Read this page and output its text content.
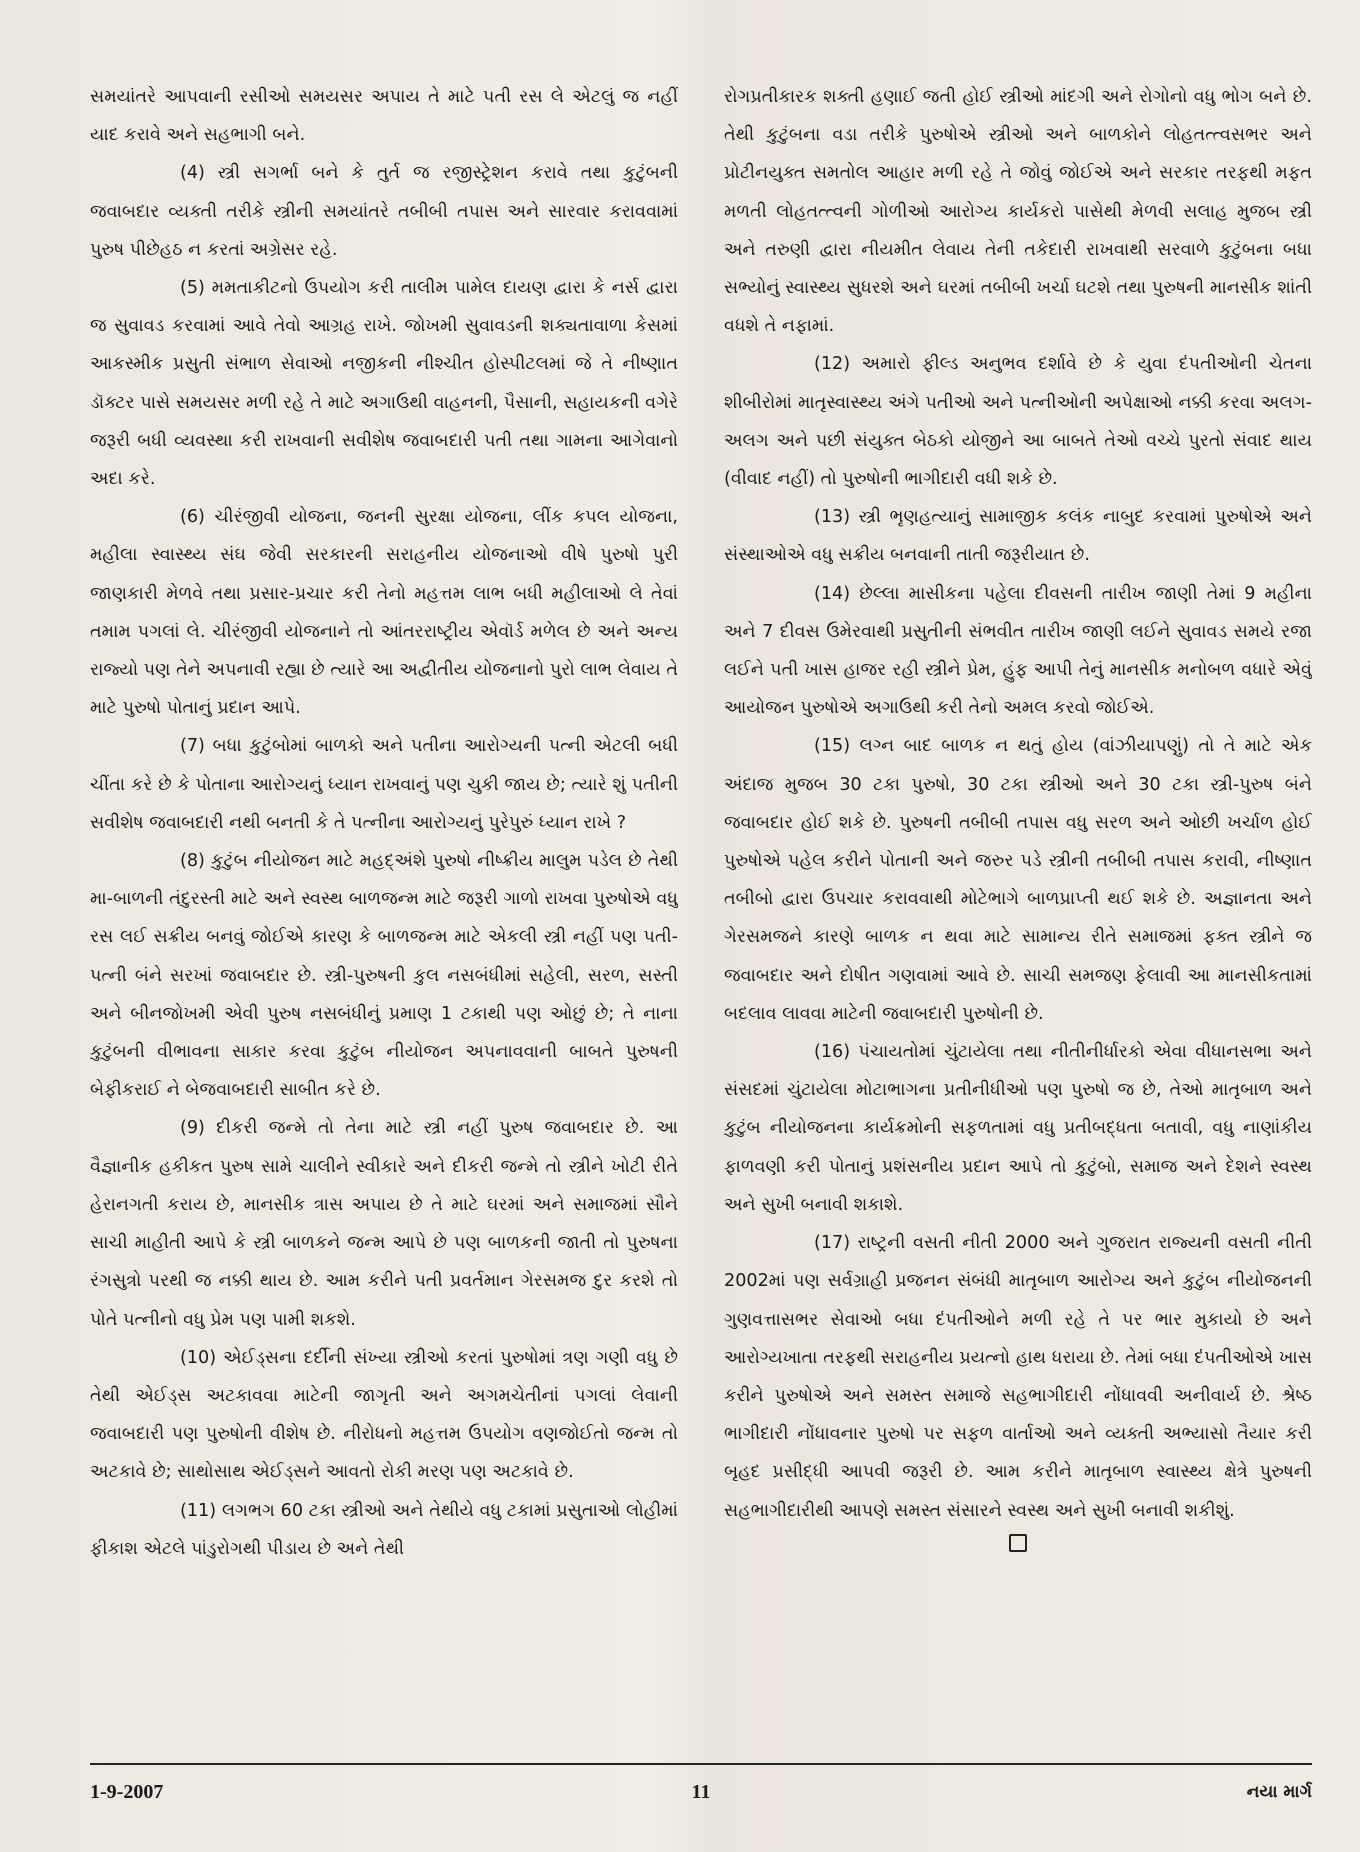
સમયાંતરે આપવાની રસીઓ સમયસર અપાય તે માટે પતી રસ લે એટલું જ નહીં યાદ કરાવે અને સહભાગી બને.

(4) સ્ત્રી સગર્ભા બને કે તુર્ત જ રજીસ્ટ્રેશન કરાવે તથા કુટુંબની જવાબદાર વ્યક્તી તરીકે સ્ત્રીની સમયાંતરે તબીબી તપાસ અને સારવાર કરાવવામાં પુરુષ પીછેહઠ ન કરતાં અગ્રેસર રહે.

(5) મમતાકીટનો ઉપયોગ કરી તાલીમ પામેલ દાયણ દ્વારા કે નર્સ દ્વારા જ સુવાવડ કરવામાં આવે તેવો આગ્રહ રાખે. જોખમી સુવાવડની શક્યતાવાળા કેસમાં આકસ્મીક પ્રસુતી સંભાળ સેવાઓ નજીકની નીશ્ચીત હોસ્પીટલમાં જે તે નીષ્ણાત ડૉક્ટર પાસે સમયસર મળી રહે તે માટે અગાઉથી વાહનની, પૈસાની, સહાયકની વગેરે જરૂરી બધી વ્યવસ્થા કરી રાખવાની સવીશેષ જવાબદારી પતી તથા ગામના આગેવાનો અદા કરે.

(6) ચીરંજીવી યોજના, જનની સુરક્ષા યોજના, લીંક કપલ યોજના, મહીલા સ્વાસ્થ્ય સંઘ જેવી સરકારની સરાહનીય યોજનાઓ વીષે પુરુષો પુરી જાણકારી મેળવે તથા પ્રસાર-પ્રચાર કરી તેનો મહત્તમ લાભ બધી મહીલાઓ લે તેવાં તમામ પગલાં લે. ચીરંજીવી યોજનાને તો આંતરરાષ્ટ્રીય એવૉર્ડ મળેલ છે અને અન્ય રાજ્યો પણ તેને અપનાવી રહ્યા છે ત્યારે આ અદ્વીતીય યોજનાનો પુરો લાભ લેવાય તે માટે પુરુષો પોતાનું પ્રદાન આપે.

(7) બધા કુટુંબોમાં બાળકો અને પતીના આરોગ્યની પત્ની એટલી બધી ચીંતા કરે છે કે પોતાના આરોગ્યનું ધ્યાન રાખવાનું પણ ચુકી જાય છે; ત્યારે શું પતીની સવીશેષ જવાબદારી નથી બનતી કે તે પત્નીના આરોગ્યનું પુરેપુરું ધ્યાન રાખે ?

(8) કુટુંબ નીયોજન માટે મહદ્અંશે પુરુષો નીષ્ક્રીય માલુમ પડેલ છે તેથી મા-બાળની તંદુરસ્તી માટે અને સ્વસ્થ બાળજન્મ માટે જરૂરી ગાળો રાખવા પુરુષોએ વધુ રસ લઈ સક્રીય બનવું જોઈએ કારણ કે બાળજન્મ માટે એકલી સ્ત્રી નહીં પણ પતી-પત્ની બંને સરખાં જવાબદાર છે. સ્ત્રી-પુરુષની કુલ નસબંધીમાં સહેલી, સરળ, સસ્તી અને બીનજોખમી એવી પુરુષ નસબંધીનું પ્રમાણ 1 ટકાથી પણ ઓછું છે; તે નાના કુટુંબની વીભાવના સાકાર કરવા કુટુંબ નીયોજન અપનાવવાની બાબતે પુરુષની બેફીકરાઈ ને બેજવાબદારી સાબીત કરે છે.

(9) દીકરી જન્મે તો તેના માટે સ્ત્રી નહીં પુરુષ જવાબદાર છે. આ વૈજ્ઞાનીક હકીકત પુરુષ સામે ચાલીને સ્વીકારે અને દીકરી જન્મે તો સ્ત્રીને ખોટી રીતે હેરાનગતી કરાય છે, માનસીક ત્રાસ અપાય છે તે માટે ઘરમાં અને સમાજમાં સૌને સાચી માહીતી આપે કે સ્ત્રી બાળકને જન્મ આપે છે પણ બાળકની જાતી તો પુરુષના રંગસુત્રો પરથી જ નક્કી થાય છે. આમ કરીને પતી પ્રવર્તમાન ગેરસમજ દુર કરશે તો પોતે પત્નીનો વધુ પ્રેમ પણ પામી શકશે.

(10) એઈડ્સના દર્દીની સંખ્યા સ્ત્રીઓ કરતાં પુરુષોમાં ત્રણ ગણી વધુ છે તેથી એઈડ્સ અટકાવવા માટેની જાગૃતી અને અગમચેતીનાં પગલાં લેવાની જવાબદારી પણ પુરુષોની વીશેષ છે. નીરોધનો મહત્તમ ઉપયોગ વણજોઈતો જન્મ તો અટકાવે છે; સાથોસાથ એઈડ્સને આવતો રોકી મરણ પણ અટકાવે છે.

(11) લગભગ 60 ટકા સ્ત્રીઓ અને તેથીયે વધુ ટકામાં પ્રસુતાઓ લોહીમાં ફીકાશ એટલે પાંડુરોગથી પીડાય છે અને તેથી

રોગપ્રતીકારક શક્તી હણાઈ જતી હોઈ સ્ત્રીઓ માંદગી અને રોગોનો વધુ ભોગ બને છે. તેથી કુટુંબના વડા તરીકે પુરુષોએ સ્ત્રીઓ અને બાળકોને લોહતત્ત્વસભર અને પ્રોટીનયુક્ત સમતોલ આહાર મળી રહે તે જોવું જોઈએ અને સરકાર તરફથી મફત મળતી લોહતત્ત્વની ગોળીઓ આરોગ્ય કાર્યકરો પાસેથી મેળવી સલાહ મુજબ સ્ત્રી અને તરુણી દ્વારા નીયમીત લેવાય તેની તકેદારી રાખવાથી સરવાળે કુટુંબના બધા સભ્યોનું સ્વાસ્થ્ય સુધરશે અને ઘરમાં તબીબી ખર્ચા ઘટશે તથા પુરુષની માનસીક શાંતી વધશે તે નફામાં.

(12) અમારો ફીલ્ડ અનુભવ દર્શાવે છે કે યુવા દંપતીઓની ચેતના શીબીરોમાં માતૃસ્વાસ્થ્ય અંગે પતીઓ અને પત્નીઓની અપેક્ષાઓ નક્કી કરવા અલગ-અલગ અને પછી સંયુક્ત બેઠકો યોજીને આ બાબતે તેઓ વચ્ચે પુરતો સંવાદ થાય (વીવાદ નહીં) તો પુરુષોની ભાગીદારી વધી શકે છે.

(13) સ્ત્રી ભૃણહત્યાનું સામાજીક કલંક નાબુદ કરવામાં પુરુષોએ અને સંસ્થાઓએ વધુ સક્રીય બનવાની તાતી જરૂરીયાત છે.

(14) છેલ્લા માસીકના પહેલા દીવસની તારીખ જાણી તેમાં 9 મહીના અને 7 દીવસ ઉમેરવાથી પ્રસુતીની સંભવીત તારીખ જાણી લઈને સુવાવડ સમયે રજા લઈને પતી ખાસ હાજર રહી સ્ત્રીને પ્રેમ, હુંફ આપી તેનું માનસીક મનોબળ વધારે એવું આયોજન પુરુષોએ અગાઉથી કરી તેનો અમલ કરવો જોઈએ.

(15) લગ્ન બાદ બાળક ન થતું હોય (વાંઝીયાપણું) તો તે માટે એક અંદાજ મુજબ 30 ટકા પુરુષો, 30 ટકા સ્ત્રીઓ અને 30 ટકા સ્ત્રી-પુરુષ બંને જવાબદાર હોઈ શકે છે. પુરુષની તબીબી તપાસ વધુ સરળ અને ઓછી ખર્ચાળ હોઈ પુરુષોએ પહેલ કરીને પોતાની અને જરુર પડે સ્ત્રીની તબીબી તપાસ કરાવી, નીષ્ણાત તબીબો દ્વારા ઉપચાર કરાવવાથી મોટેભાગે બાળપ્રાપ્તી થઈ શકે છે. અજ્ઞાનતા અને ગેરસમજને કારણે બાળક ન થવા માટે સામાન્ય રીતે સમાજમાં ફક્ત સ્ત્રીને જ જવાબદાર અને દોષીત ગણવામાં આવે છે. સાચી સમજણ ફેલાવી આ માનસીકતામાં બદલાવ લાવવા માટેની જવાબદારી પુરુષોની છે.

(16) પંચાયતોમાં ચુંટાયેલા તથા નીતીનીર્ધારકો એવા વીધાનસભા અને સંસદમાં ચુંટાયેલા મોટાભાગના પ્રતીનીધીઓ પણ પુરુષો જ છે, તેઓ માતૃબાળ અને કુટુંબ નીયોજનના કાર્યક્રમોની સફળતામાં વધુ પ્રતીબદ્ધતા બતાવી, વધુ નાણાંકીય ફાળવણી કરી પોતાનું પ્રશંસનીય પ્રદાન આપે તો કુટુંબો, સમાજ અને દેશને સ્વસ્થ અને સુખી બનાવી શકાશે.

(17) રાષ્ટ્રની વસતી નીતી 2000 અને ગુજરાત રાજ્યની વસતી નીતી 2002માં પણ સર્વગ્રાહી પ્રજનન સંબંધી માતૃબાળ આરોગ્ય અને કુટુંબ નીયોજનની ગુણવત્તાસભર સેવાઓ બધા દંપતીઓને મળી રહે તે પર ભાર મુકાયો છે અને આરોગ્યખાતા તરફથી સરાહનીય પ્રયત્નો હાથ ધરાયા છે. તેમાં બધા દંપતીઓએ ખાસ કરીને પુરુષોએ અને સમસ્ત સમાજે સહભાગીદારી નોંધાવવી અનીવાર્ય છે. શ્રેષ્ઠ ભાગીદારી નોંધાવનાર પુરુષો પર સફળ વાર્તાઓ અને વ્યક્તી અભ્યાસો તૈયાર કરી બૃહદ પ્રસીદ્ધી આપવી જરૂરી છે. આમ કરીને માતૃબાળ સ્વાસ્થ્ય ક્ષેત્રે પુરુષની સહભાગીદારીથી આપણે સમસ્ત સંસારને સ્વસ્થ અને સુખી બનાવી શકીશું.

1-9-2007	11	નયા માર્ગ
